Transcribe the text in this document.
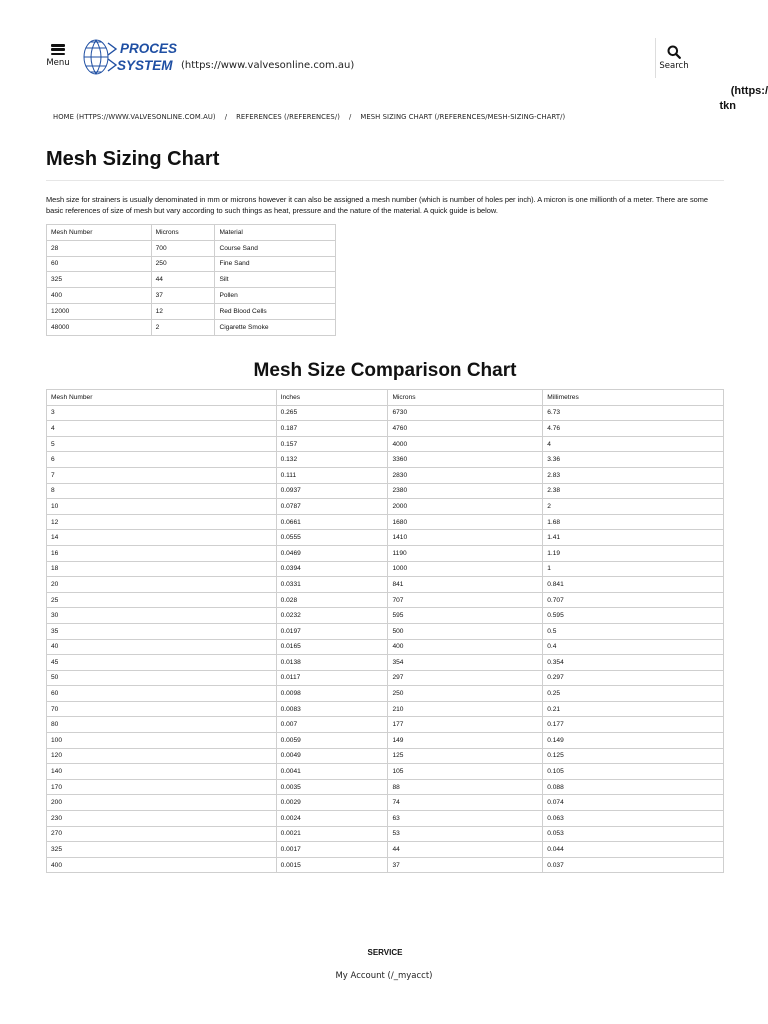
Menu
PROCES
SYSTEM (https://www.valvesonline.com.au)	Search
(https:/
tkn
HOME (HTTPS://WWW.VALVESONLINE.COM.AU) / REFERENCES (/REFERENCES/) / MESH SIZING CHART (/REFERENCES/MESH-SIZING-CHART/)
Mesh Sizing Chart

Mesh size for strainers is usually denominated in mm or microns however it can also be assigned a mesh number (which is number of holes per inch). A micron is one millionth of a meter. There are some basic references of size of mesh but vary according to such things as heat, pressure and the nature of the material. A quick guide is below.

Mesh Number	Microns	Material
28	700	Course Sand
60	250	Fine Sand
325	44	Silt
400	37	Pollen
12000	12	Red Blood Cells
48000	2	Cigarette Smoke
Mesh Size Comparison Chart
Mesh Number	Inches	Microns	Millimetres
3	0.265	6730	6.73
4	0.187	4760	4.76
5	0.157	4000	4
6	0.132	3360	3.36
7	0.111	2830	2.83
8	0.0937	2380	2.38
10	0.0787	2000	2
12	0.0661	1680	1.68
14	0.0555	1410	1.41
16	0.0469	1190	1.19
18	0.0394	1000	1
20	0.0331	841	0.841
25	0.028	707	0.707
30	0.0232	595	0.595
35	0.0197	500	0.5
40	0.0165	400	0.4
45	0.0138	354	0.354
50	0.0117	297	0.297
60	0.0098	250	0.25
70	0.0083	210	0.21
80	0.007	177	0.177
100	0.0059	149	0.149
120	0.0049	125	0.125
140	0.0041	105	0.105
170	0.0035	88	0.088
200	0.0029	74	0.074
230	0.0024	63	0.063
270	0.0021	53	0.053
325	0.0017	44	0.044
400	0.0015	37	0.037
SERVICE
My Account (/_myacct)
